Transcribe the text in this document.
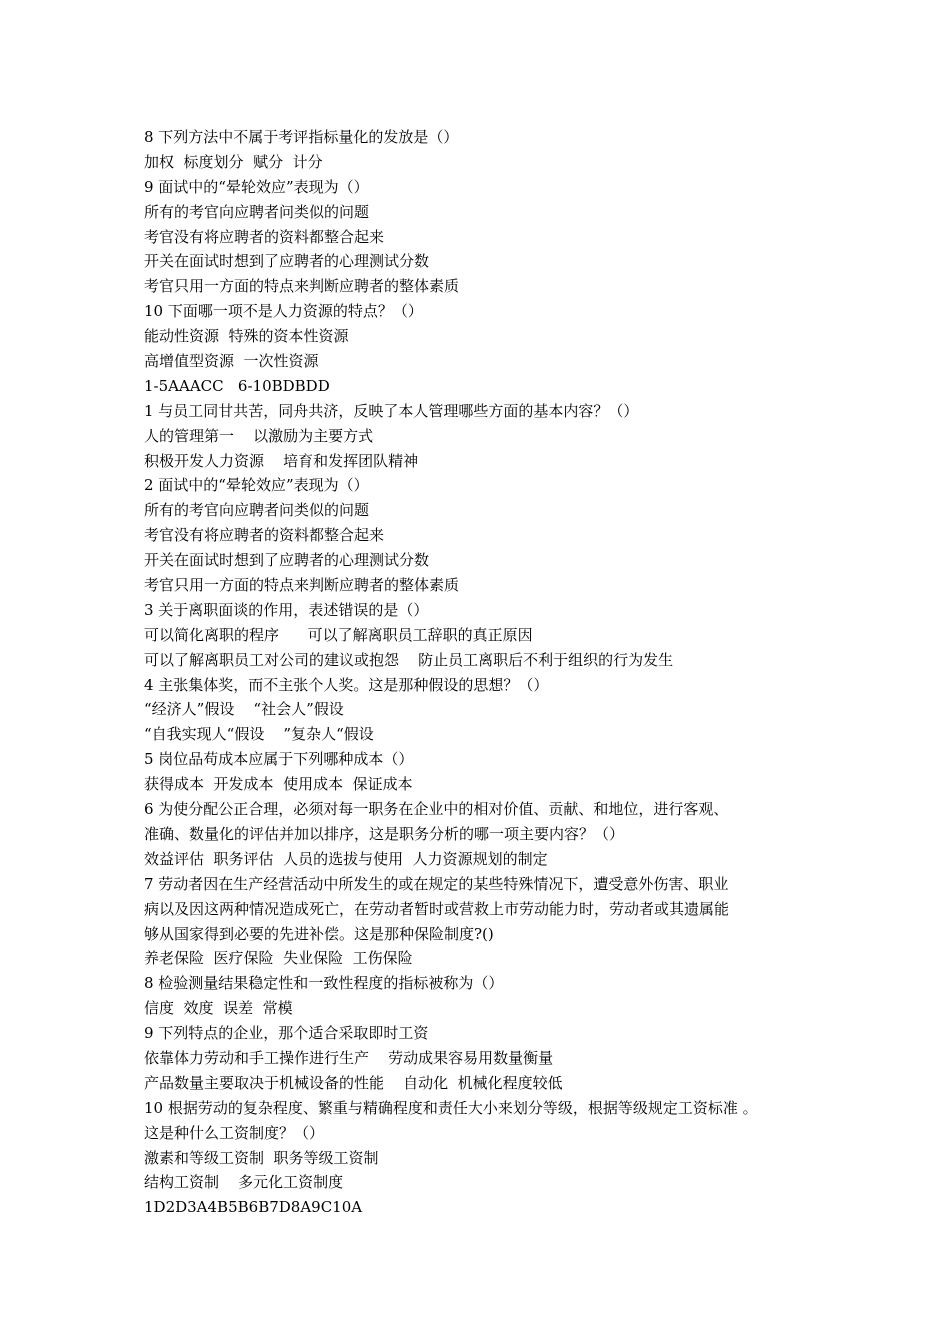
8 下列方法中不属于考评指标量化的发放是（）
加权  标度划分  赋分  计分
9 面试中的“晕轮效应”表现为（）
所有的考官向应聘者问类似的问题
考官没有将应聘者的资料都整合起来
开关在面试时想到了应聘者的心理测试分数
考官只用一方面的特点来判断应聘者的整体素质
10 下面哪一项不是人力资源的特点？（）
能动性资源  特殊的资本性资源
高增值型资源  一次性资源
1-5AAACC   6-10BDBDD
1 与员工同甘共苦，同舟共济，反映了本人管理哪些方面的基本内容？（）
人的管理第一    以激励为主要方式
积极开发人力资源    培育和发挥团队精神
2 面试中的“晕轮效应”表现为（）
所有的考官向应聘者问类似的问题
考官没有将应聘者的资料都整合起来
开关在面试时想到了应聘者的心理测试分数
考官只用一方面的特点来判断应聘者的整体素质
3 关于离职面谈的作用，表述错误的是（）
可以简化离职的程序      可以了解离职员工辞职的真正原因
可以了解离职员工对公司的建议或抱怨    防止员工离职后不利于组织的行为发生
4 主张集体奖，而不主张个人奖。这是那种假设的思想？（）
“经济人”假设    “社会人”假设
“自我实现人“假设    ”复杂人“假设
5 岗位品苟成本应属于下列哪种成本（）
获得成本  开发成本  使用成本  保证成本
6 为使分配公正合理，必须对每一职务在企业中的相对价值、贡献、和地位，进行客观、
准确、数量化的评估并加以排序，这是职务分析的哪一项主要内容？（）
效益评估  职务评估  人员的选拔与使用  人力资源规划的制定
7 劳动者因在生产经营活动中所发生的或在规定的某些特殊情况下，遭受意外伤害、职业
病以及因这两种情况造成死亡，在劳动者暂时或营救上市劳动能力时，劳动者或其遗属能
够从国家得到必要的先进补偿。这是那种保险制度?()
养老保险  医疗保险  失业保险  工伤保险
8 检验测量结果稳定性和一致性程度的指标被称为（）
信度  效度  误差  常模
9 下列特点的企业，那个适合采取即时工资
依靠体力劳动和手工操作进行生产    劳动成果容易用数量衡量
产品数量主要取决于机械设备的性能    自动化  机械化程度较低
10 根据劳动的复杂程度、繁重与精确程度和责任大小来划分等级，根据等级规定工资标准 。
这是种什么工资制度？（）
激素和等级工资制  职务等级工资制
结构工资制    多元化工资制度
1D2D3A4B5B6B7D8A9C10A
